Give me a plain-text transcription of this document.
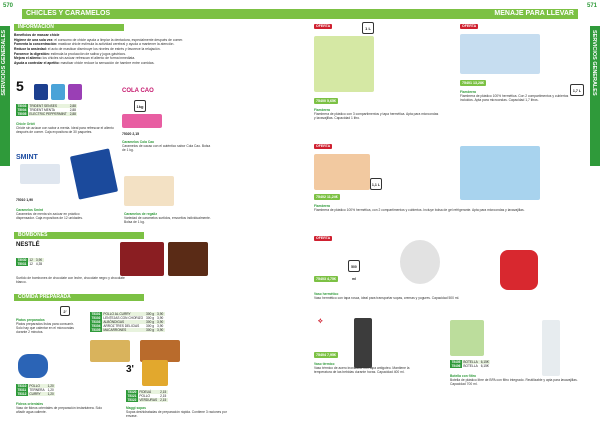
570
CHICLES Y CARAMELOS
SERVICIOS GENERALES
INFORMACIÓN
Beneficios de mascar chicle
Higiene de una sola vez: el consumo de chicle ayuda a limpiar la dentadura, especialmente después de comer.
Fomenta la concentración: masticar chicle estimula la actividad cerebral y ayuda a mantener la atención.
Reduce la ansiedad: el acto de masticar disminuye los niveles de estrés y favorece la relajación.
Favorece la digestión: estimula la producción de saliva y jugos gástricos.
Mejora el aliento: los chicles sin azúcar refrescan el aliento de forma inmediata.
Ayuda a controlar el apetito: masticar chicle reduce la sensación de hambre entre comidas.
5
75003	TRIDENT SENSES	2,88
75004	TRIDENT MENTA	2,88
75005	ELECTRIC PEPPERMINT	2,88
Chicle Orbit
Chicle sin azúcar con sabor a menta. Ideal para refrescar el aliento después de comer. Caja expositora de 30 paquetes.
SMINT
75010 1,90
Caramelos Smint
Caramelos de menta sin azúcar en práctico dispensador. Caja expositora de 12 unidades.
COLA CAO
1kg
75020 2,15
Caramelos Cola Cao
Caramelos de cacao con el auténtico sabor Cola Cao. Bolsa de 1 kg.
Caramelos de regaliz
Variedad de caramelos surtidos, envueltos individualmente. Bolsa de 1 kg.
BOMBONES
NESTLÉ
75030	12	3,90
75031	12	4,35
Surtido de bombones de chocolate con leche, chocolate negro y chocolate blanco.
COMIDA PREPARADA
2'
Platos preparados
Platos preparados listos para consumir. Solo hay que calentar en el microondas durante 2 minutos.
75301	POLLO AL CURRY	300 g	3,90
75302	LENTEJAS CON CHORIZO	300 g	3,90
75303	ALBÓNDIGAS	300 g	3,90
75304	ARROZ TRES DELICIAS	300 g	3,90
75305	MACARRONES	300 g	3,90
75310	POLLO	1,20
75311	TERNERA	1,20
75312	CURRY	1,20
Fideos orientales
Vaso de fideos orientales de preparación instantánea. Solo añadir agua caliente.
3'
75320	FIDEUÁ	2,15
75321	POLLO	2,15
75322	VERDURAS	2,15
Maggi sopas
Sopas deshidratadas de preparación rápida. Contiene 3 raciones por envase.
571
MENAJE PARA LLEVAR
SERVICIOS GENERALES
OFERTA	1 L
75400 5,65€
Fiambrera
Fiambrera de plástico con 3 compartimentos y tapa hermética. Apta para microondas y lavavajillas. Capacidad 1 litro.
OFERTA
1,7 L
75401 13,28€
Fiambrera
Fiambrera de plástico 100% hermética. Con 2 compartimentos y cubiertos incluidos. Apta para microondas. Capacidad 1,7 litros.
OFERTA
1,1 L
75402 11,24€
Fiambrera
Fiambrera de plástico 100% hermética, con 2 compartimentos y cubiertos. Incluye bolsa de gel refrigerante. Apta para microondas y lavavajillas.
OFERTA
500 ml
75403 4,75€
Vaso hermético
Vaso hermético con tapa rosca, ideal para transportar sopas, cremas y yogures. Capacidad 500 ml.
⟡
75404 7,95€
Vaso térmico
Vaso térmico de acero inoxidable con tapa antigoteo. Mantiene la temperatura de las bebidas durante horas. Capacidad 400 ml.
75405	BOTELLA	6,15€
75406	BOTELLA	6,15€
Botella con filtro
Botella de plástico libre de BPA con filtro integrado. Reutilizable y apta para lavavajillas. Capacidad 700 ml.
